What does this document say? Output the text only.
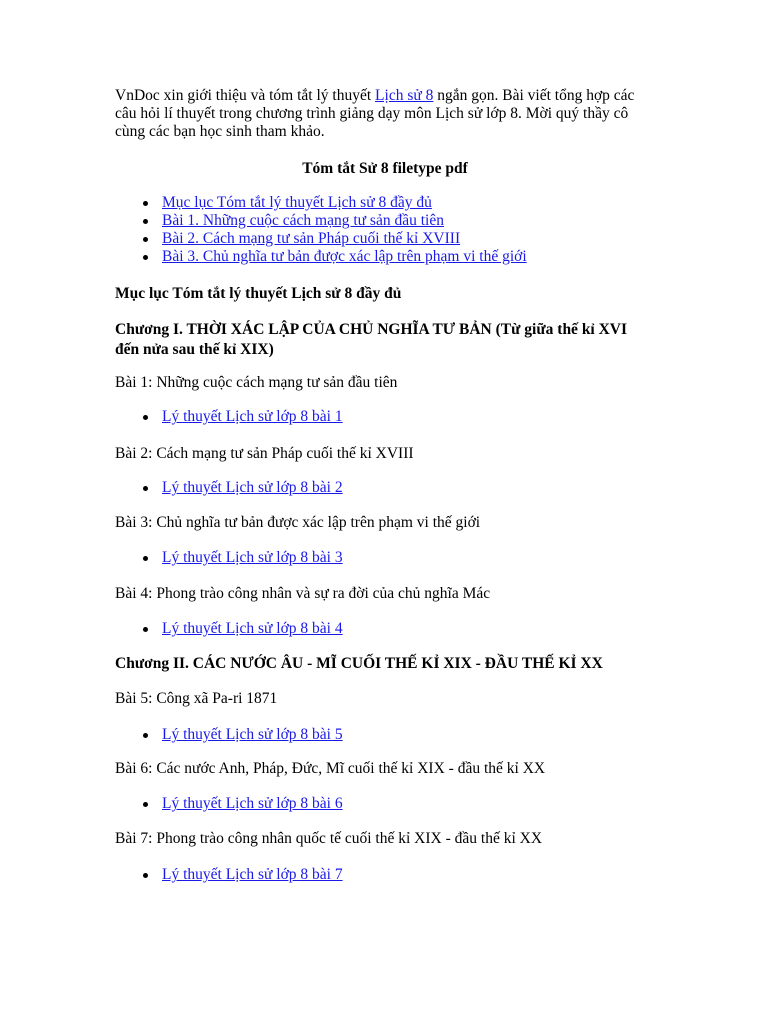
VnDoc xin giới thiệu và tóm tắt lý thuyết Lịch sử 8 ngắn gọn. Bài viết tổng hợp các câu hỏi lí thuyết trong chương trình giảng dạy môn Lịch sử lớp 8. Mời quý thầy cô cùng các bạn học sinh tham khảo.
Tóm tắt Sử 8 filetype pdf
Mục lục Tóm tắt lý thuyết Lịch sử 8 đầy đủ
Bài 1. Những cuộc cách mạng tư sản đầu tiên
Bài 2. Cách mạng tư sản Pháp cuối thế kỉ XVIII
Bài 3. Chủ nghĩa tư bản được xác lập trên phạm vi thế giới
Mục lục Tóm tắt lý thuyết Lịch sử 8 đầy đủ
Chương I. THỜI XÁC LẬP CỦA CHỦ NGHĨA TƯ BẢN (Từ giữa thế kỉ XVI đến nửa sau thế kỉ XIX)
Bài 1: Những cuộc cách mạng tư sản đầu tiên
Lý thuyết Lịch sử lớp 8 bài 1
Bài 2: Cách mạng tư sản Pháp cuối thế kỉ XVIII
Lý thuyết Lịch sử lớp 8 bài 2
Bài 3: Chủ nghĩa tư bản được xác lập trên phạm vi thế giới
Lý thuyết Lịch sử lớp 8 bài 3
Bài 4: Phong trào công nhân và sự ra đời của chủ nghĩa Mác
Lý thuyết Lịch sử lớp 8 bài 4
Chương II. CÁC NƯỚC ÂU - MĨ CUỐI THẾ KỈ XIX - ĐẦU THẾ KỈ XX
Bài 5: Công xã Pa-ri 1871
Lý thuyết Lịch sử lớp 8 bài 5
Bài 6: Các nước Anh, Pháp, Đức, Mĩ cuối thế kỉ XIX - đầu thế kỉ XX
Lý thuyết Lịch sử lớp 8 bài 6
Bài 7: Phong trào công nhân quốc tế cuối thế kỉ XIX - đầu thế kỉ XX
Lý thuyết Lịch sử lớp 8 bài 7
